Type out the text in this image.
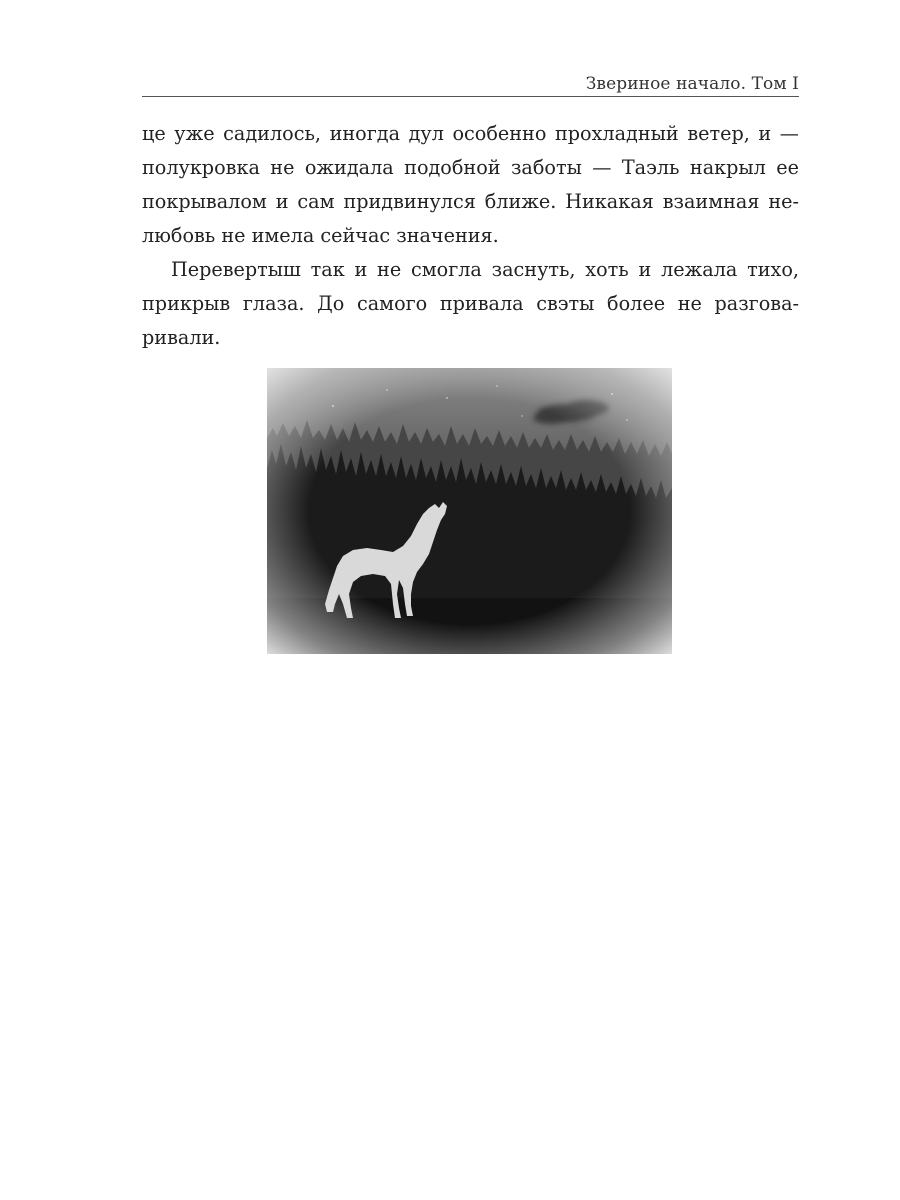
Звериное начало. Том I
це уже садилось, иногда дул особенно прохладный ветер, и —
полукровка не ожидала подобной заботы — Таэль накрыл ее
покрывалом и сам придвинулся ближе. Никакая взаимная не-
любовь не имела сейчас значения.
Перевертыш так и не смогла заснуть, хоть и лежала тихо,
прикрыв глаза. До самого привала свэты более не разгова-
ривали.
